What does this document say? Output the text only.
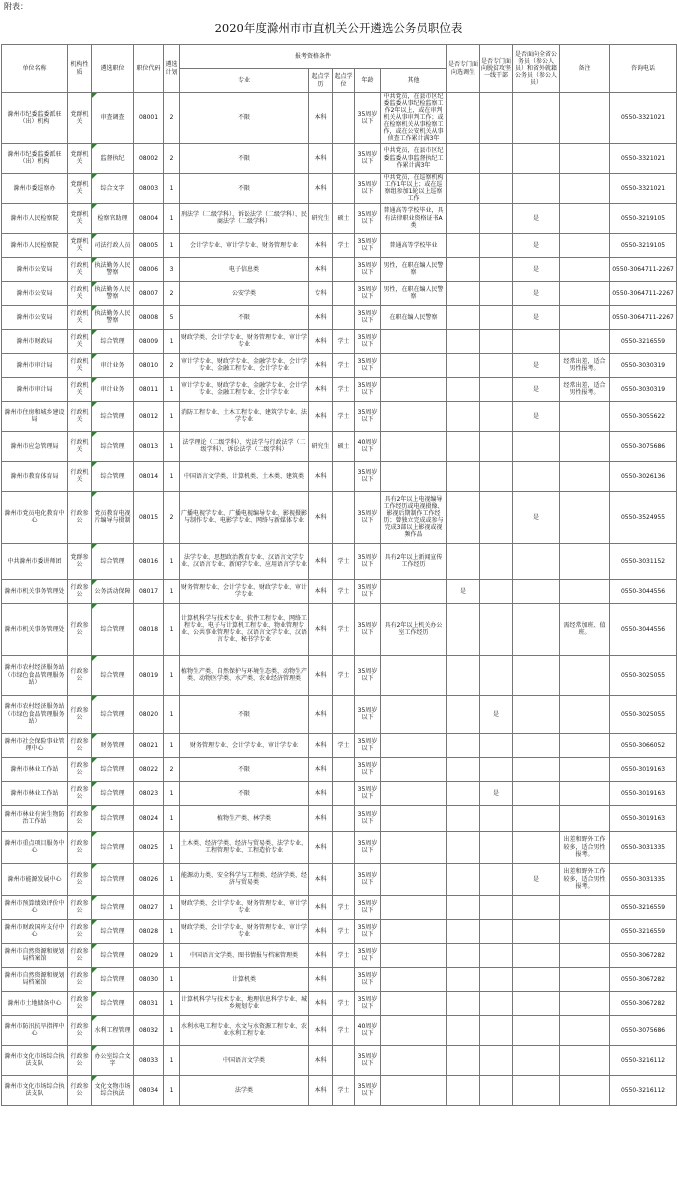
附表：
2020年度滁州市市直机关公开遴选公务员职位表
单位名称	机构性质	遴选职位	职位代码	遴选计划	报考资格条件					是否专门面向选调生	是否专门面向脱贫攻坚一线干部	是否面向全省公务员（参公人员）和省外就籍公务员（参公人员）	备注	咨询电话
					专业	起点学历	起点学位	年龄	其他					
滁州市纪委监委派驻（出）机构	党群机关	审查调查	08001	2	不限	本科		35周岁以下	中共党员，在县市区纪委监委从事纪检监察工作2年以上，或在审判机关从事审判工作；或在检察机关从事检察工作，或在公安机关从事侦查工作累计满3年					0550-3321021
滁州市纪委监委派驻（出）机构	党群机关	监督执纪	08002	2	不限	本科		35周岁以下	中共党员，在县市区纪委监委从事监督执纪工作累计满3年					0550-3321021
滁州市委巡察办	党群机关	综合文字	08003	1	不限	本科		35周岁以下	中共党员，在巡察机构工作1年以上；或在巡察组参加1轮以上巡察工作					0550-3321021
滁州市人民检察院	党群机关	检察官助理	08004	1	刑法学（二级学科）、诉讼法学（二级学科）、民商法学（二级学科）	研究生	硕士	35周岁以下	普通高等学校毕业，具有法律职业资格证书A类			是		0550-3219105
滁州市人民检察院	党群机关	司法行政人员	08005	1	会计学专业、审计学专业、财务管理专业	本科	学士	35周岁以下	普通高等学校毕业			是		0550-3219105
滁州市公安局	行政机关	执法勤务人民警察	08006	3	电子信息类	本科		35周岁以下	男性，在职在编人民警察			是		0550-3064711-2267
滁州市公安局	行政机关	执法勤务人民警察	08007	2	公安学类	专科		35周岁以下	男性，在职在编人民警察			是		0550-3064711-2267
滁州市公安局	行政机关	执法勤务人民警察	08008	5	不限	本科		35周岁以下	在职在编人民警察			是		0550-3064711-2267
滁州市财政局	行政机关	综合管理	08009	1	财政学类、会计学专业、财务管理专业、审计学专业	本科	学士	35周岁以下						0550-3216559
滁州市审计局	行政机关	审计业务	08010	2	审计学专业、财政学专业、金融学专业、会计学专业、金融工程专业、会计学专业	本科	学士	35周岁以下				是	经常出差，适合男性报考。	0550-3030319
滁州市审计局	行政机关	审计业务	08011	1	审计学专业、财政学专业、金融学专业、会计学专业、金融工程专业、会计学专业	本科	学士	35周岁以下				是	经常出差，适合男性报考。	0550-3030319
滁州市住房和城乡建设局	行政机关	综合管理	08012	1	消防工程专业、土木工程专业、建筑学专业、法学专业	本科	学士	35周岁以下				是		0550-3055622
滁州市应急管理局	行政机关	综合管理	08013	1	法学理论（二级学科）、宪法学与行政法学（二级学科）、诉讼法学（二级学科）	研究生	硕士	40周岁以下						0550-3075686
滁州市教育体育局	行政机关	综合管理	08014	1	中国语言文学类、计算机类、土木类、建筑类	本科		35周岁以下						0550-3026136
滁州市党员电化教育中心	行政参公	党员教育电视片编导与摄制	08015	2	广播电视学专业、广播电视编导专业、影视摄影与制作专业、电影学专业、网络与新媒体专业	本科		35周岁以下	具有2年以上电视编导工作经历或电视摄像、影视后期制作工作经历；曾独立完成或参与完成3部以上影视或视频作品			是		0550-3524955
中共滁州市委讲师团	党群参公	综合管理	08016	1	法学专业、思想政治教育专业、汉语言文学专业、汉语言专业、新闻学专业、应用语言学专业	本科	学士	35周岁以下	具有2年以上新闻宣传工作经历					0550-3031152
滁州市机关事务管理处	行政参公	公务活动保障	08017	1	财务管理专业、会计学专业、财政学专业、审计学专业	本科	学士	35周岁以下		是				0550-3044556
滁州市机关事务管理处	行政参公	综合管理	08018	1	计算机科学与技术专业、软件工程专业、网络工程专业、电子与计算机工程专业、物业管理专业、公共事业管理专业、汉语言文学专业、汉语言专业、秘书学专业	本科	学士	35周岁以下	具有2年以上机关办公室工作经历				需经常加班、值班。	0550-3044556
滁州市农村经济服务站（市绿色食品管理服务站）	行政参公	综合管理	08019	1	植物生产类、自然保护与环境生态类、动物生产类、动物医学类、水产类、农业经济管理类	本科	学士	35周岁以下						0550-3025055
滁州市农村经济服务站（市绿色食品管理服务站）	行政参公	综合管理	08020	1	不限	本科		35周岁以下			是			0550-3025055
滁州市社会保险事业管理中心	行政参公	财务管理	08021	1	财务管理专业、会计学专业、审计学专业	本科	学士	35周岁以下						0550-3066052
滁州市林业工作站	行政参公	综合管理	08022	2	不限	本科		35周岁以下						0550-3019163
滁州市林业工作站	行政参公	综合管理	08023	1	不限	本科		35周岁以下			是			0550-3019163
滁州市林业有害生物防治工作站	行政参公	综合管理	08024	1	植物生产类、林学类	本科		35周岁以下						0550-3019163
滁州市重点项目服务中心	行政参公	综合管理	08025	1	土木类、经济学类、经济与贸易类、法学专业、工程管理专业、工程造价专业	本科		35周岁以下					出差和野外工作较多，适合男性报考。	0550-3031335
滁州市能源发展中心	行政参公	综合管理	08026	1	能源动力类、安全科学与工程类、经济学类、经济与贸易类	本科		35周岁以下				是	出差和野外工作较多，适合男性报考。	0550-3031335
滁州市预算绩效评价中心	行政参公	综合管理	08027	1	财政学类、会计学专业、财务管理专业、审计学专业	本科	学士	35周岁以下						0550-3216559
滁州市财政国库支付中心	行政参公	综合管理	08028	1	财政学类、会计学专业、财务管理专业、审计学专业	本科	学士	35周岁以下						0550-3216559
滁州市自然资源和规划局档案馆	行政参公	综合管理	08029	1	中国语言文学类、图书情报与档案管理类	本科	学士	35周岁以下						0550-3067282
滁州市自然资源和规划局档案馆	行政参公	综合管理	08030	1	计算机类	本科		35周岁以下						0550-3067282
滁州市土地储备中心	行政参公	综合管理	08031	1	计算机科学与技术专业、地理信息科学专业、城乡规划专业	本科	学士	35周岁以下						0550-3067282
滁州市防汛抗旱指挥中心	行政参公	水利工程管理	08032	1	水利水电工程专业、水文与水资源工程专业、农业水利工程专业	本科	学士	40周岁以下						0550-3075686
滁州市文化市场综合执法支队	行政参公	办公室综合文字	08033	1	中国语言文学类	本科		35周岁以下						0550-3216112
滁州市文化市场综合执法支队	行政参公	文化文物市场综合执法	08034	1	法学类	本科	学士	35周岁以下						0550-3216112
